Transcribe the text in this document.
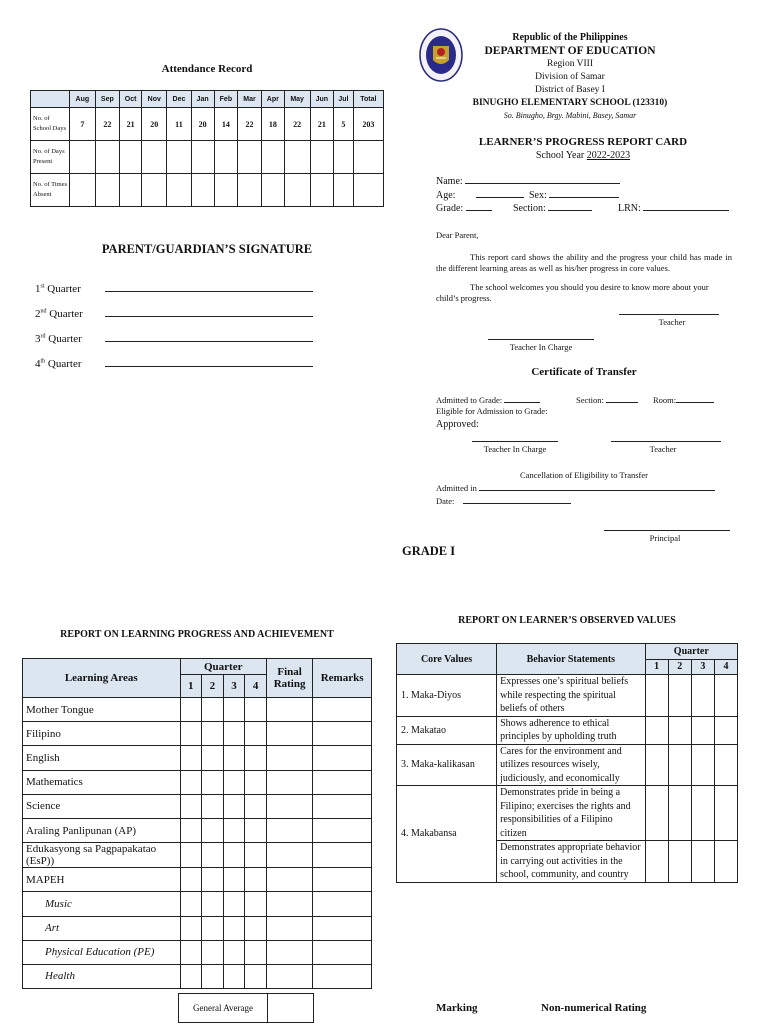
Attendance Record
	Aug	Sep	Oct	Nov	Dec	Jan	Feb	Mar	Apr	May	Jun	Jul	Total
No. of School Days	7	22	21	20	11	20	14	22	18	22	21	5	203
No. of Days Present													
No. of Times Absent													
PARENT/GUARDIAN’S SIGNATURE
1st Quarter
2nd Quarter
3rd Quarter
4th Quarter
Republic of the Philippines
DEPARTMENT OF EDUCATION
Region VIII
Division of Samar
District of Basey I
BINUGHO ELEMENTARY SCHOOL (123310)
So. Binugho, Brgy. Mabini, Basey, Samar
LEARNER’S PROGRESS REPORT CARD
School Year 2022-2023
Name:
Age:	Sex:
Grade:	Section:	LRN:
Dear Parent,
This report card shows the ability and the progress your child has made in the different learning areas as well as his/her progress in core values.
The school welcomes you should you desire to know more about your child’s progress.
Teacher
Teacher In Charge
Certificate of Transfer
Admitted to Grade:	Section:	Room:
Eligible for Admission to Grade:
Approved:
Teacher In Charge	Teacher
Cancellation of Eligibility to Transfer
Admitted in
Date:
Principal
GRADE I
REPORT ON LEARNING PROGRESS AND ACHIEVEMENT
Learning Areas	Quarter				Final Rating	Remarks
	1	2	3	4		
Mother Tongue						
Filipino						
English						
Mathematics						
Science						
Araling Panlipunan (AP)						
Edukasyong sa Pagpapakatao (EsP))						
MAPEH						
Music						
Art						
Physical Education (PE)						
Health						
General Average
REPORT ON LEARNER’S OBSERVED VALUES
Core Values	Behavior Statements	Quarter			
		1	2	3	4
1. Maka-Diyos	Expresses one’s spiritual beliefs while respecting the spiritual beliefs of others				
2. Makatao	Shows adherence to ethical principles by upholding truth				
3. Maka-kalikasan	Cares for the environment and utilizes resources wisely, judiciously, and economically				
4. Makabansa	Demonstrates pride in being a Filipino; exercises the rights and responsibilities of a Filipino citizen				
	Demonstrates appropriate behavior in carrying out activities in the school, community, and country				
Marking	Non-numerical Rating
